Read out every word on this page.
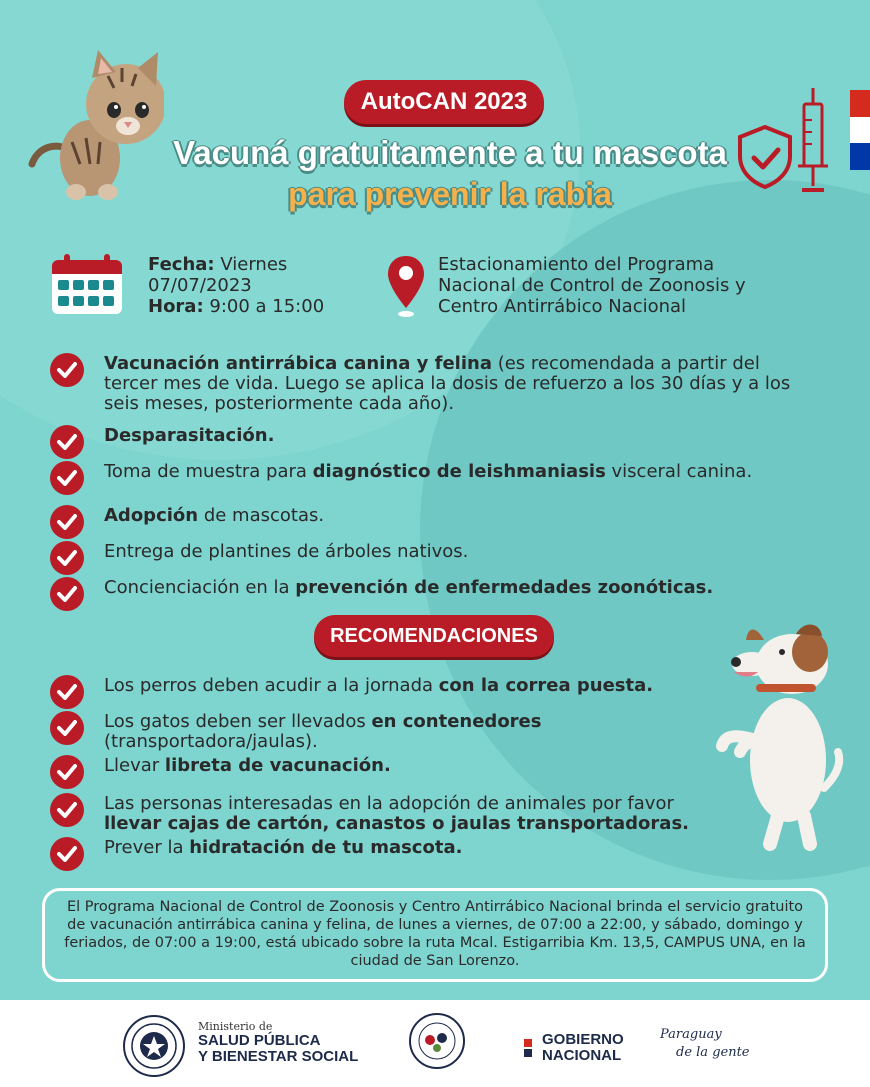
AutoCAN 2023
Vacuná gratuitamente a tu mascota
para prevenir la rabia
Fecha: Viernes
07/07/2023
Hora: 9:00 a 15:00
Estacionamiento del Programa
Nacional de Control de Zoonosis y
Centro Antirrábico Nacional
Vacunación antirrábica canina y felina (es recomendada a partir del tercer mes de vida. Luego se aplica la dosis de refuerzo a los 30 días y a los seis meses, posteriormente cada año).
Desparasitación.
Toma de muestra para diagnóstico de leishmaniasis visceral canina.
Adopción de mascotas.
Entrega de plantines de árboles nativos.
Concienciación en la prevención de enfermedades zoonóticas.
RECOMENDACIONES
Los perros deben acudir a la jornada con la correa puesta.
Los gatos deben ser llevados en contenedores (transportadora/jaulas).
Llevar libreta de vacunación.
Las personas interesadas en la adopción de animales por favor llevar cajas de cartón, canastos o jaulas transportadoras.
Prever la hidratación de tu mascota.
El Programa Nacional de Control de Zoonosis y Centro Antirrábico Nacional brinda el servicio gratuito de vacunación antirrábica canina y felina, de lunes a viernes, de 07:00 a 22:00, y sábado, domingo y feriados, de 07:00 a 19:00, está ubicado sobre la ruta Mcal. Estigarribia Km. 13,5, CAMPUS UNA, en la ciudad de San Lorenzo.
Ministerio de
SALUD PÚBLICA
Y BIENESTAR SOCIAL
GOBIERNO
NACIONAL
Paraguay
de la gente
